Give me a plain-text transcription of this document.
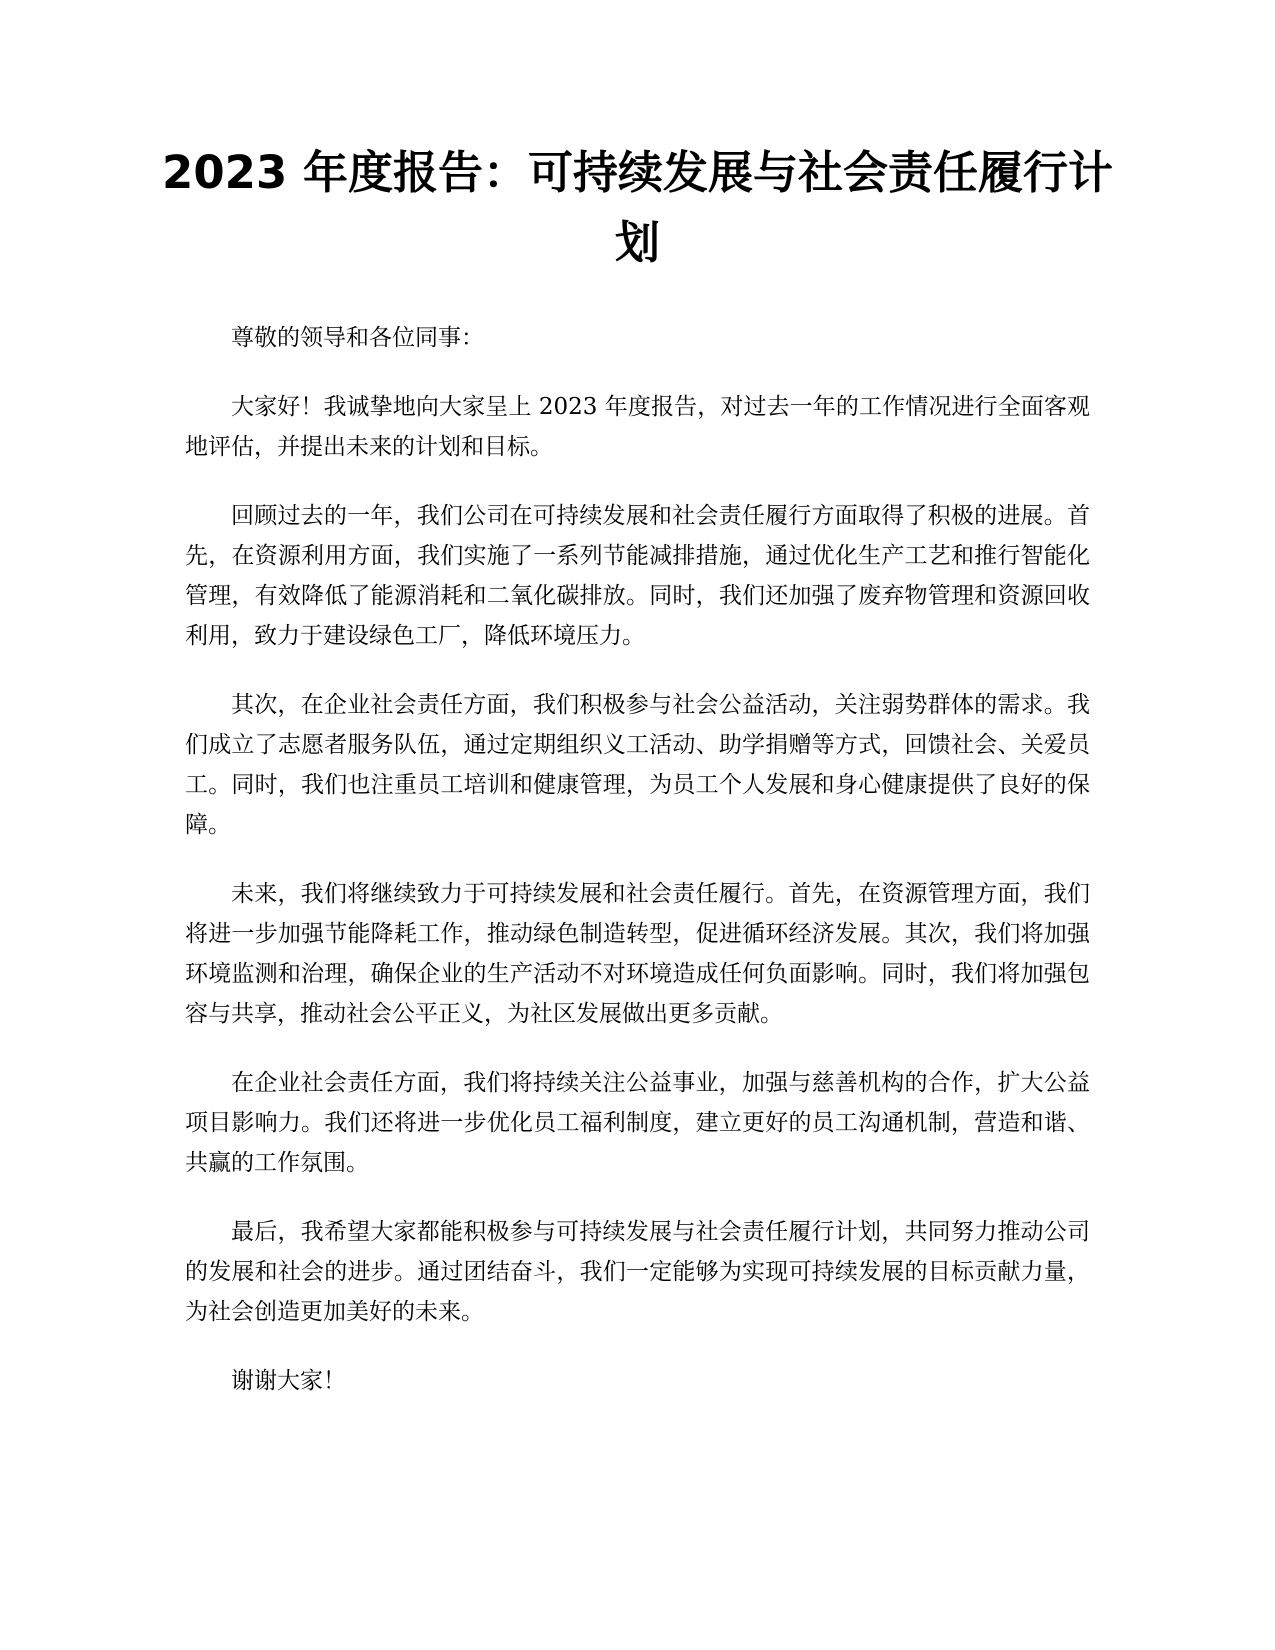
2023 年度报告：可持续发展与社会责任履行计划

尊敬的领导和各位同事：

大家好！我诚挚地向大家呈上 2023 年度报告，对过去一年的工作情况进行全面客观地评估，并提出未来的计划和目标。

回顾过去的一年，我们公司在可持续发展和社会责任履行方面取得了积极的进展。首先，在资源利用方面，我们实施了一系列节能减排措施，通过优化生产工艺和推行智能化管理，有效降低了能源消耗和二氧化碳排放。同时，我们还加强了废弃物管理和资源回收利用，致力于建设绿色工厂，降低环境压力。

其次，在企业社会责任方面，我们积极参与社会公益活动，关注弱势群体的需求。我们成立了志愿者服务队伍，通过定期组织义工活动、助学捐赠等方式，回馈社会、关爱员工。同时，我们也注重员工培训和健康管理，为员工个人发展和身心健康提供了良好的保障。

未来，我们将继续致力于可持续发展和社会责任履行。首先，在资源管理方面，我们将进一步加强节能降耗工作，推动绿色制造转型，促进循环经济发展。其次，我们将加强环境监测和治理，确保企业的生产活动不对环境造成任何负面影响。同时，我们将加强包容与共享，推动社会公平正义，为社区发展做出更多贡献。

在企业社会责任方面，我们将持续关注公益事业，加强与慈善机构的合作，扩大公益项目影响力。我们还将进一步优化员工福利制度，建立更好的员工沟通机制，营造和谐、共赢的工作氛围。

最后，我希望大家都能积极参与可持续发展与社会责任履行计划，共同努力推动公司的发展和社会的进步。通过团结奋斗，我们一定能够为实现可持续发展的目标贡献力量，为社会创造更加美好的未来。

谢谢大家！
